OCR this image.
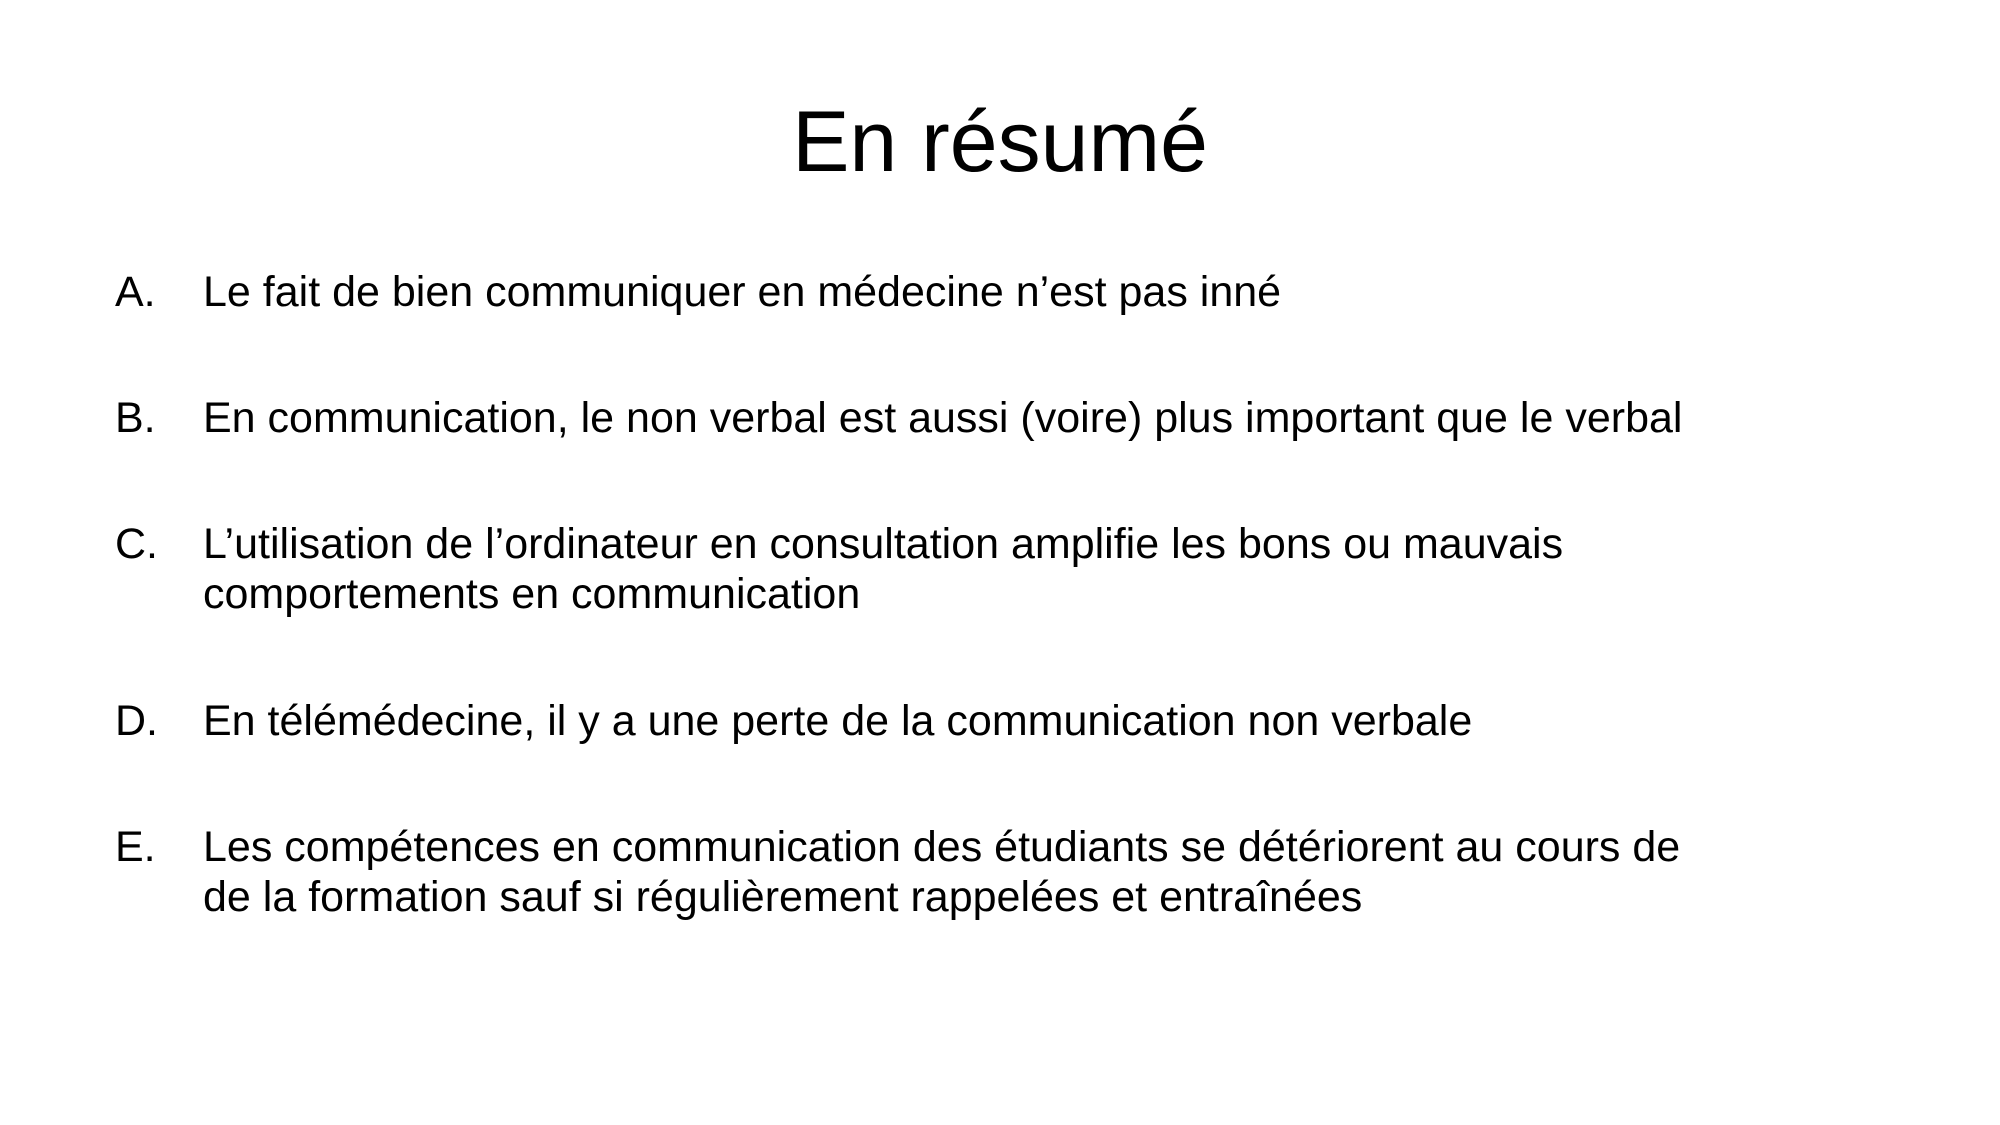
En résumé
A. Le fait de bien communiquer en médecine n’est pas inné
B. En communication, le non verbal est aussi (voire) plus important que le verbal
C. L’utilisation de l’ordinateur en consultation amplifie les bons ou mauvais
comportements en communication
D. En télémédecine, il y a une perte de la communication non verbale
E. Les compétences en communication des étudiants se détériorent au cours de
de la formation sauf si régulièrement rappelées et entraînées
